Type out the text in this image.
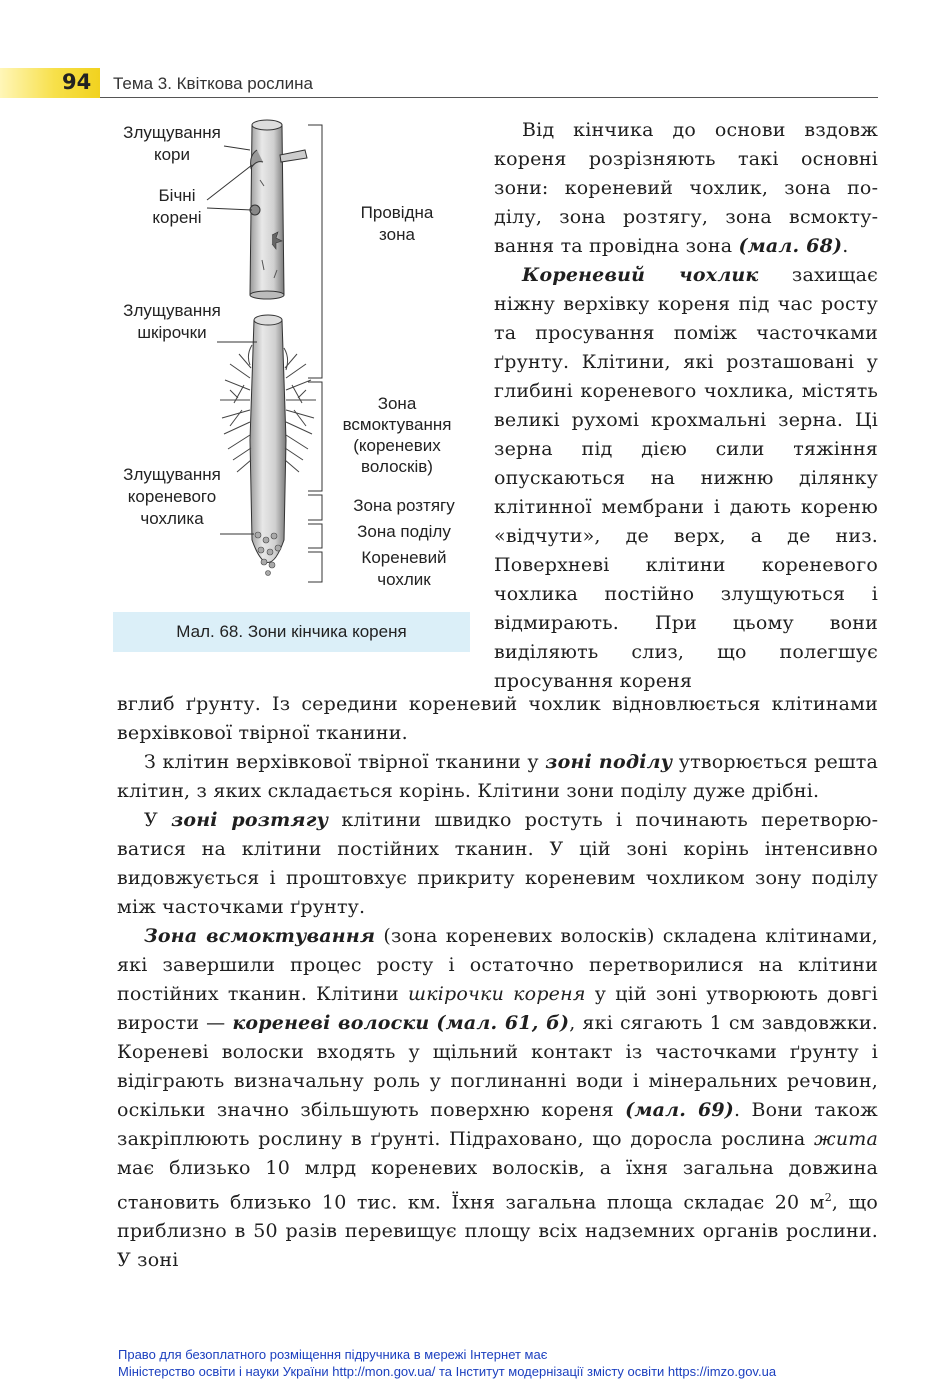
94 Тема 3. Квіткова рослина
Злущування
кори
Бічні
корені
Злущування
шкірочки
Злущування
кореневого
чохлика
Провідна
зона
Зона
всмоктування
(кореневих
волосків)
Зона розтягу
Зона поділу
Кореневий
чохлик
Мал. 68. Зони кінчика кореня

Від кінчика до основи вздовж кореня розрізняють такі основні зони: кореневий чохлик, зона поділу, зона розтягу, зона всмоктування та провідна зона (мал. 68).

Кореневий чохлик захищає ніжну верхівку кореня під час росту та просування поміж часточками ґрунту. Клітини, які розташовані у глибині кореневого чохлика, містять великі рухомі крохмальні зерна. Ці зерна під дією сили тяжіння опускаються на нижню ділянку клітинної мембрани і дають кореню «відчути», де верх, а де низ. Поверхневі клітини кореневого чохлика постійно злущуються і відмирають. При цьому вони виділяють слиз, що полегшує просування кореня

вглиб ґрунту. Із середини кореневий чохлик відновлюється клітинами верхівкової твірної тканини.

З клітин верхівкової твірної тканини у зоні поділу утворюється решта клітин, з яких складається корінь. Клітини зони поділу дуже дрібні.

У зоні розтягу клітини швидко ростуть і починають перетворюватися на клітини постійних тканин. У цій зоні корінь інтенсивно видовжується і проштовхує прикриту кореневим чохликом зону поділу між часточками ґрунту.

Зона всмоктування (зона кореневих волосків) складена клітинами, які завершили процес росту і остаточно перетворилися на клітини постійних тканин. Клітини шкірочки кореня у цій зоні утворюють довгі вирости — кореневі волоски (мал. 61, б), які сягають 1 см завдовжки. Кореневі волоски входять у щільний контакт із часточками ґрунту і відіграють визначальну роль у поглинанні води і мінеральних речовин, оскільки значно збільшують поверхню кореня (мал. 69). Вони також закріплюють рослину в ґрунті. Підраховано, що доросла рослина жита має близько 10 млрд кореневих волосків, а їхня загальна довжина становить близько 10 тис. км. Їхня загальна площа складає 20 $м^2$, що приблизно в 50 разів перевищує площу всіх надземних органів рослини. У зоні

Право для безоплатного розміщення підручника в мережі Інтернет має
Міністерство освіти і науки України http://mon.gov.ua/ та Інститут модернізації змісту освіти https://imzo.gov.ua
